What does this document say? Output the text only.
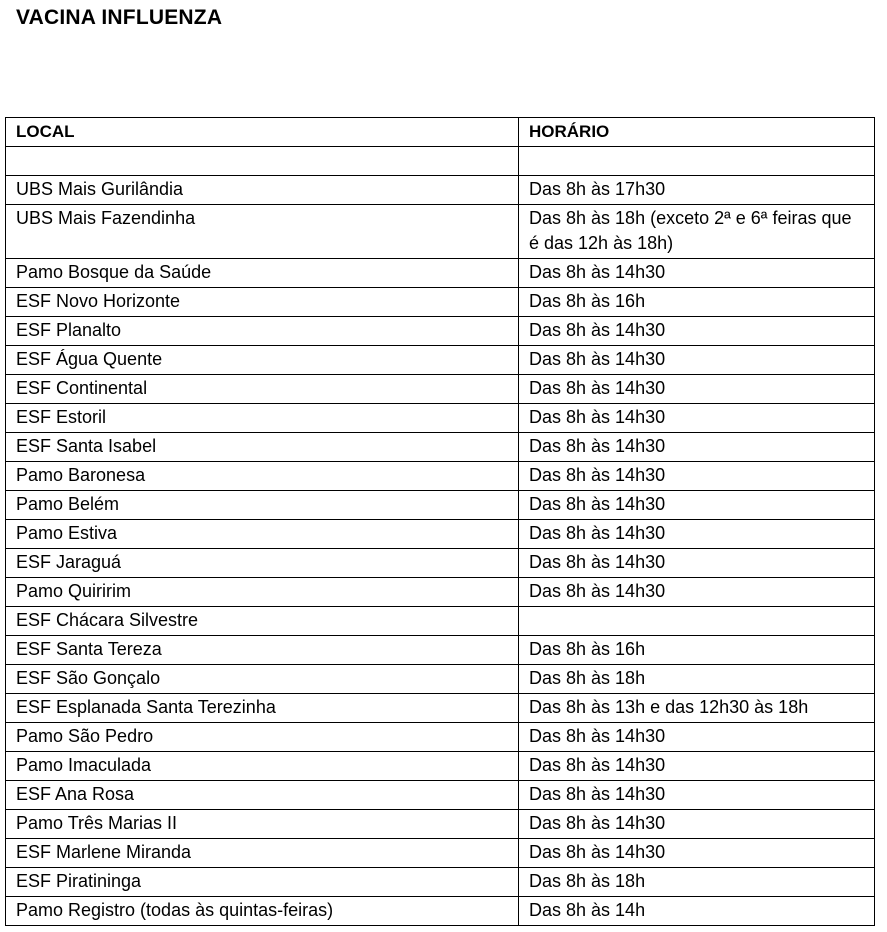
VACINA INFLUENZA
LOCAL	HORÁRIO

UBS Mais Gurilândia	Das 8h às 17h30
UBS Mais Fazendinha	Das 8h às 18h (exceto 2ª e 6ª feiras que é das 12h às 18h)
Pamo Bosque da Saúde	Das 8h às 14h30
ESF Novo Horizonte	Das 8h às 16h
ESF Planalto	Das 8h às 14h30
ESF Água Quente	Das 8h às 14h30
ESF Continental	Das 8h às 14h30
ESF Estoril	Das 8h às 14h30
ESF Santa Isabel	Das 8h às 14h30
Pamo Baronesa	Das 8h às 14h30
Pamo Belém	Das 8h às 14h30
Pamo Estiva	Das 8h às 14h30
ESF Jaraguá	Das 8h às 14h30
Pamo Quiririm	Das 8h às 14h30
ESF Chácara Silvestre	
ESF Santa Tereza	Das 8h às 16h
ESF São Gonçalo	Das 8h às 18h
ESF Esplanada Santa Terezinha	Das 8h às 13h e das 12h30 às 18h
Pamo São Pedro	Das 8h às 14h30
Pamo Imaculada	Das 8h às 14h30
ESF Ana Rosa	Das 8h às 14h30
Pamo Três Marias II	Das 8h às 14h30
ESF Marlene Miranda	Das 8h às 14h30
ESF Piratininga	Das 8h às 18h
Pamo Registro (todas às quintas-feiras)	Das 8h às 14h
